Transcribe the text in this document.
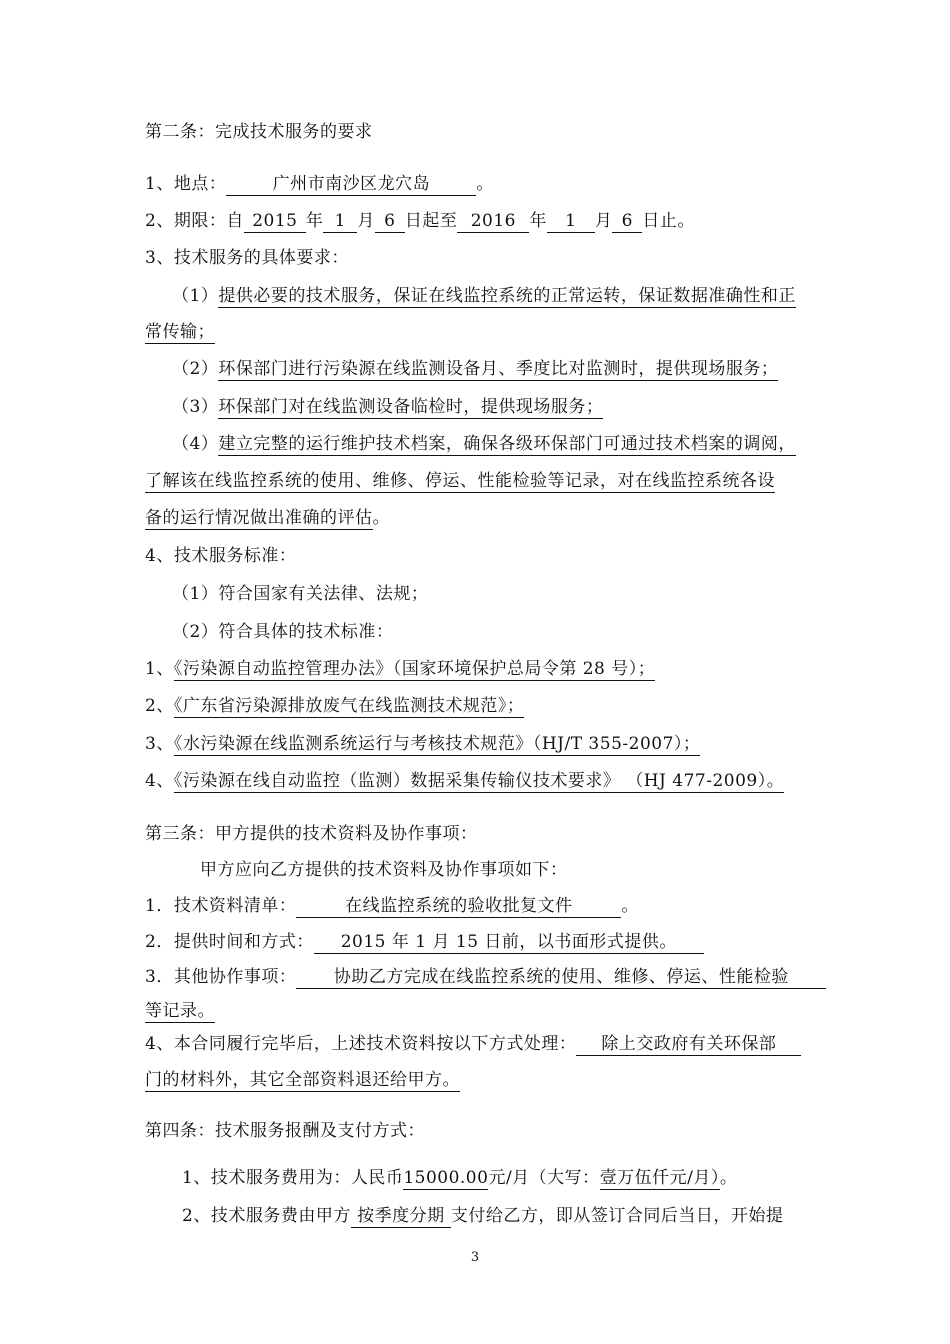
第二条：完成技术服务的要求
1、地点：	广州市南沙区龙穴岛	。
2、期限：自 2015 年 1 月 6 日起至 2016 年 1 月 6 日止。
3、技术服务的具体要求：
（1）提供必要的技术服务，保证在线监控系统的正常运转，保证数据准确性和正
常传输；
（2）环保部门进行污染源在线监测设备月、季度比对监测时，提供现场服务；
（3）环保部门对在线监测设备临检时，提供现场服务；
（4）建立完整的运行维护技术档案，确保各级环保部门可通过技术档案的调阅，
了解该在线监控系统的使用、维修、停运、性能检验等记录，对在线监控系统各设
备的运行情况做出准确的评估。
4、技术服务标准：
（1）符合国家有关法律、法规；
（2）符合具体的技术标准：
1、《污染源自动监控管理办法》（国家环境保护总局令第 28 号）；
2、《广东省污染源排放废气在线监测技术规范》；
3、《水污染源在线监测系统运行与考核技术规范》（HJ/T 355-2007）；
4、《污染源在线自动监控（监测）数据采集传输仪技术要求》 （HJ 477-2009）。
第三条：甲方提供的技术资料及协作事项：
甲方应向乙方提供的技术资料及协作事项如下：
1．技术资料清单：	在线监控系统的验收批复文件	。
2．提供时间和方式： 2015 年 1 月 15 日前，以书面形式提供。
3．其他协作事项： 协助乙方完成在线监控系统的使用、维修、停运、性能检验
等记录。
4、本合同履行完毕后，上述技术资料按以下方式处理： 除上交政府有关环保部
门的材料外，其它全部资料退还给甲方。
第四条：技术服务报酬及支付方式：
1、技术服务费用为：人民币15000.00元/月（大写：壹万伍仟元/月）。
2、技术服务费由甲方 按季度分期 支付给乙方，即从签订合同后当日，开始提
3
